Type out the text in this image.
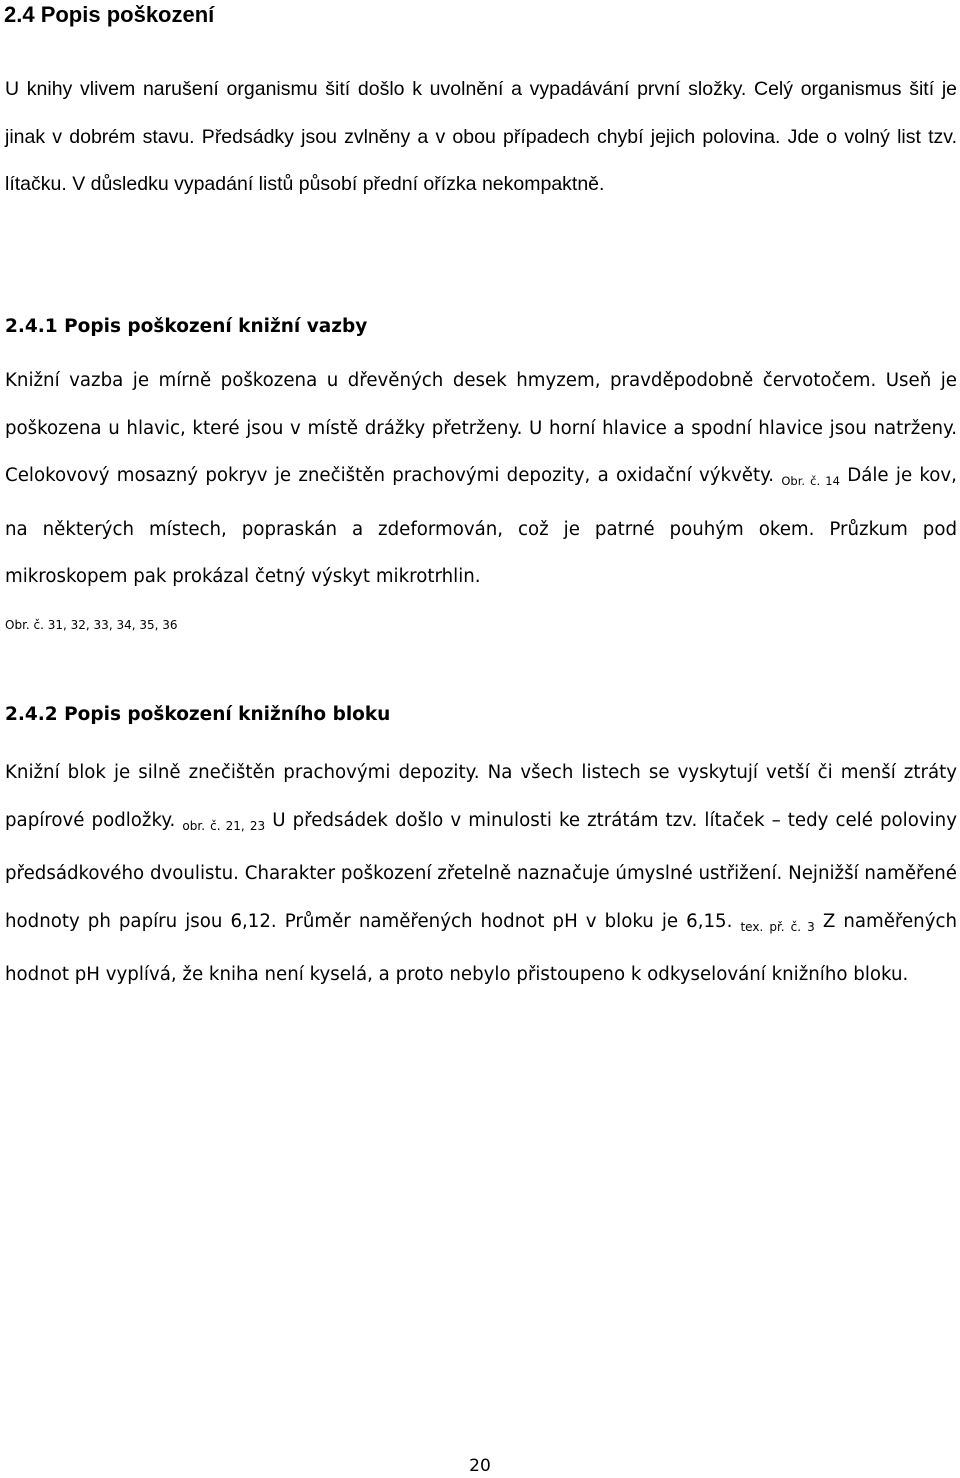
2.4 Popis poškození

U knihy vlivem narušení organismu šití došlo k uvolnění a vypadávání první složky. Celý organismus šití je jinak v dobrém stavu. Předsádky jsou zvlněny a v obou případech chybí jejich polovina. Jde o volný list tzv. lítačku. V důsledku vypadání listů působí přední ořízka nekompaktně.

2.4.1 Popis poškození knižní vazby

Knižní vazba je mírně poškozena u dřevěných desek hmyzem, pravděpodobně červotočem. Useň je poškozena u hlavic, které jsou v místě drážky přetrženy. U horní hlavice a spodní hlavice jsou natrženy. Celokovový mosazný pokryv je znečištěn prachovými depozity, a oxidační výkvěty. $_{Obr. č. 14}$ Dále je kov, na některých místech, popraskán a zdeformován, což je patrné pouhým okem. Průzkum pod mikroskopem pak prokázal četný výskyt mikrotrhlin.

Obr. č. 31, 32, 33, 34, 35, 36

2.4.2 Popis poškození knižního bloku

Knižní blok je silně znečištěn prachovými depozity. Na všech listech se vyskytují vetší či menší ztráty papírové podložky. $_{obr. č. 21, 23}$ U předsádek došlo v minulosti ke ztrátám tzv. lítaček – tedy celé poloviny předsádkového dvoulistu. Charakter poškození zřetelně naznačuje úmyslné ustřižení. Nejnižší naměřené hodnoty ph papíru jsou 6,12. Průměr naměřených hodnot pH v bloku je 6,15. $_{tex. př. č. 3}$ Z naměřených hodnot pH vyplívá, že kniha není kyselá, a proto nebylo přistoupeno k odkyselování knižního bloku.

20
